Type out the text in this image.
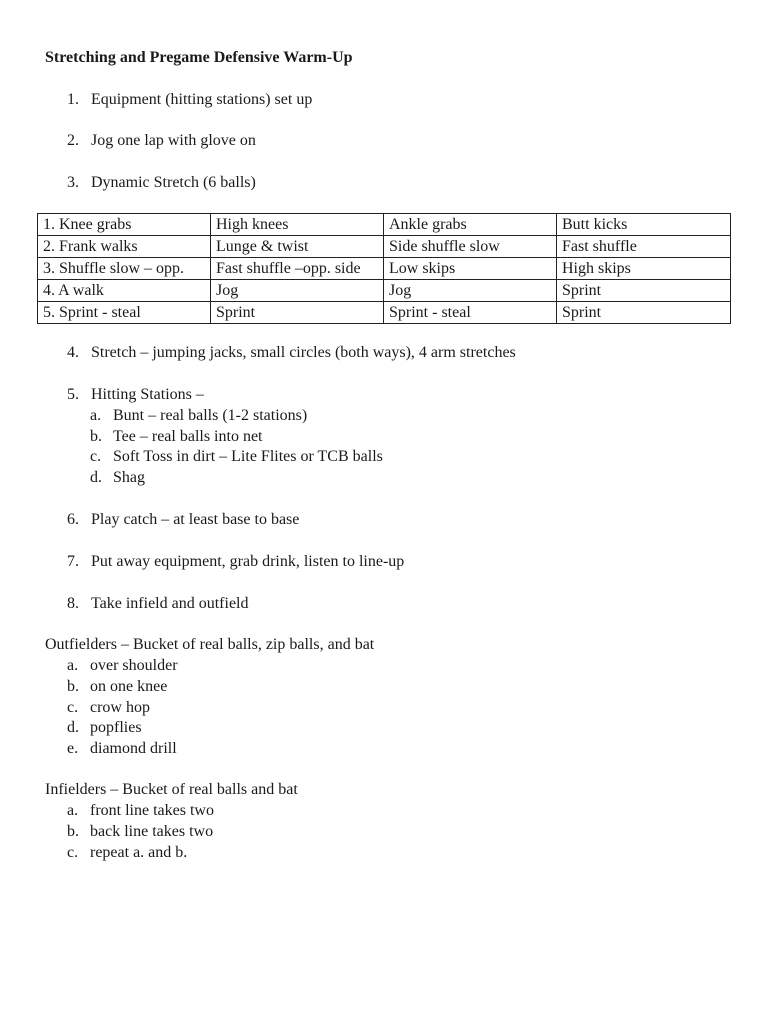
Stretching and Pregame Defensive Warm-Up
1. Equipment (hitting stations) set up
2. Jog one lap with glove on
3. Dynamic Stretch (6 balls)
1. Knee grabs	High knees	Ankle grabs	Butt kicks
2. Frank walks	Lunge & twist	Side shuffle slow	Fast shuffle
3. Shuffle slow – opp.	Fast shuffle –opp. side	Low skips	High skips
4. A walk	Jog	Jog	Sprint
5. Sprint - steal	Sprint	Sprint - steal	Sprint
4. Stretch – jumping jacks, small circles (both ways), 4 arm stretches
5. Hitting Stations –
a. Bunt – real balls (1-2 stations)
b. Tee – real balls into net
c. Soft Toss in dirt – Lite Flites or TCB balls
d. Shag
6. Play catch – at least base to base
7. Put away equipment, grab drink, listen to line-up
8. Take infield and outfield
Outfielders – Bucket of real balls, zip balls, and bat
a. over shoulder
b. on one knee
c. crow hop
d. popflies
e. diamond drill
Infielders – Bucket of real balls and bat
a. front line takes two
b. back line takes two
c. repeat a. and b.
